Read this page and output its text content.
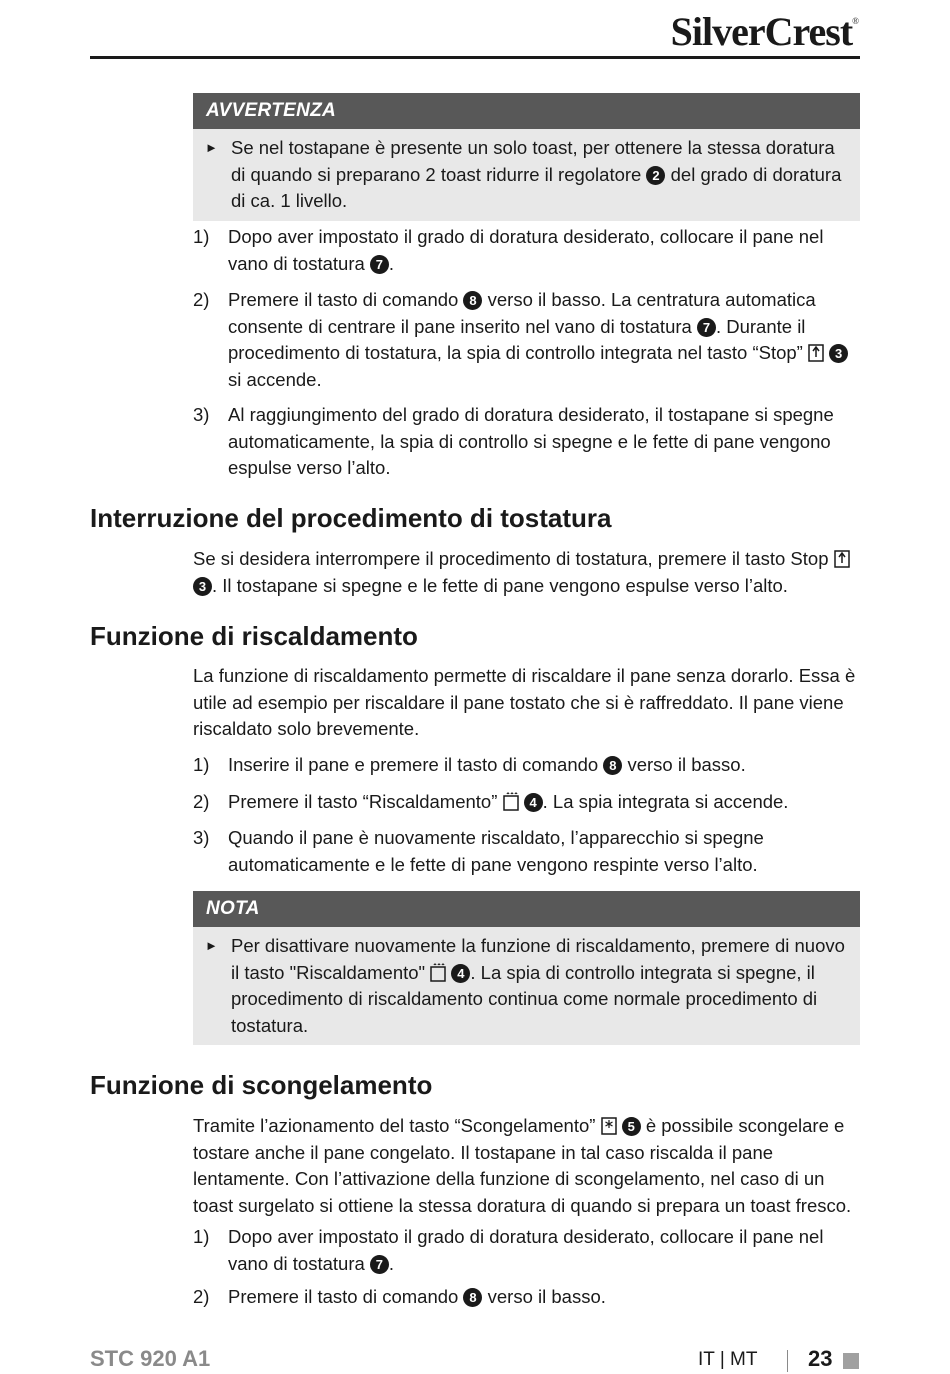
SilverCrest®
AVVERTENZA
► Se nel tostapane è presente un solo toast, per ottenere la stessa doratura di quando si preparano 2 toast ridurre il regolatore 2 del grado di doratura di ca. 1 livello.
1) Dopo aver impostato il grado di doratura desiderato, collocare il pane nel vano di tostatura 7 .
2) Premere il tasto di comando 8 verso il basso. La centratura automatica consente di centrare il pane inserito nel vano di tostatura 7 . Durante il procedimento di tostatura, la spia di controllo integrata nel tasto “Stop” 3 si accende.
3) Al raggiungimento del grado di doratura desiderato, il tostapane si spegne automaticamente, la spia di controllo si spegne e le fette di pane vengono espulse verso l’alto.
Interruzione del procedimento di tostatura
Se si desidera interrompere il procedimento di tostatura, premere il tasto Stop  3 . Il tostapane si spegne e le fette di pane vengono espulse verso l’alto.
Funzione di riscaldamento
La funzione di riscaldamento permette di riscaldare il pane senza dorarlo. Essa è utile ad esempio per riscaldare il pane tostato che si è raffreddato. Il pane viene riscaldato solo brevemente.
1) Inserire il pane e premere il tasto di comando 8 verso il basso.
2) Premere il tasto “Riscaldamento” 4 . La spia integrata si accende.
3) Quando il pane è nuovamente riscaldato, l’apparecchio si spegne automaticamente e le fette di pane vengono respinte verso l’alto.
NOTA
► Per disattivare nuovamente la funzione di riscaldamento, premere di nuovo il tasto "Riscaldamento" 4 . La spia di controllo integrata si spegne, il procedimento di riscaldamento continua come normale procedimento di tostatura.
Funzione di scongelamento
Tramite l’azionamento del tasto “Scongelamento” 5 è possibile scongelare e tostare anche il pane congelato. Il tostapane in tal caso riscalda il pane lentamente. Con l’attivazione della funzione di scongelamento, nel caso di un toast surgelato si ottiene la stessa doratura di quando si prepara un toast fresco.
1) Dopo aver impostato il grado di doratura desiderato, collocare il pane nel vano di tostatura 7 .
2) Premere il tasto di comando 8 verso il basso.
STC 920 A1	IT | MT 23
